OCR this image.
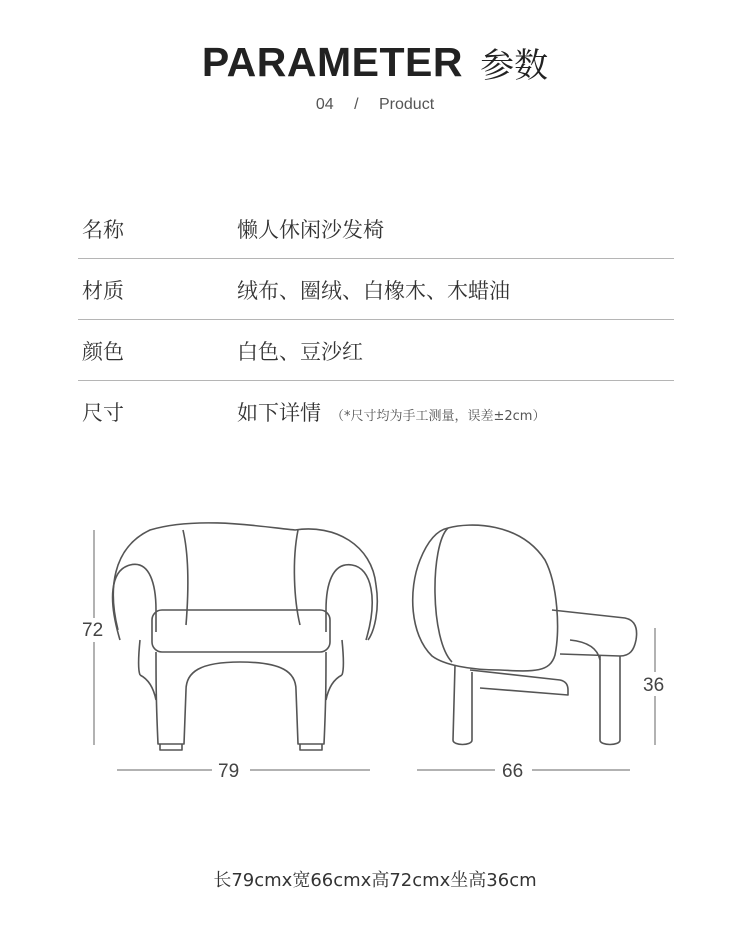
PARAMETER 参数
04 / Product
名称	懒人休闲沙发椅
材质	绒布、圈绒、白橡木、木蜡油
颜色	白色、豆沙红
尺寸	如下详情 （*尺寸均为手工测量，误差±2cm）
72
79	66
36
长79cmx宽66cmx高72cmx坐高36cm
